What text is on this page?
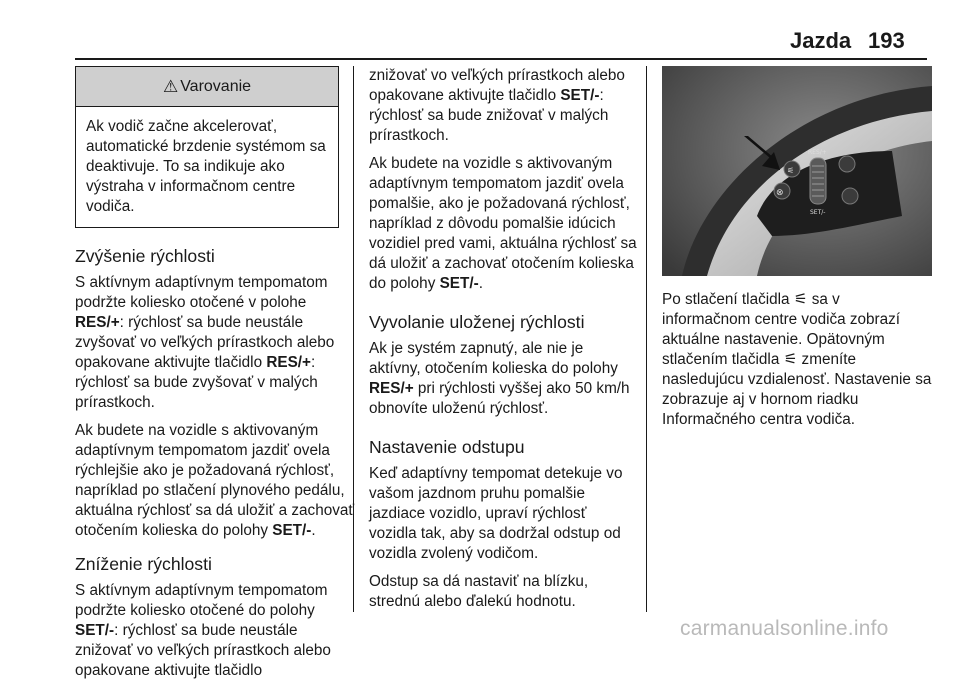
Jazda 193
⚠ Varovanie
Ak vodič začne akcelerovať, automatické brzdenie systémom sa deaktivuje. To sa indikuje ako výstraha v informačnom centre vodiča.
Zvýšenie rýchlosti

S aktívnym adaptívnym tempomatom podržte koliesko otočené v polohe RES/+: rýchlosť sa bude neustále zvyšovať vo veľkých prírastkoch alebo opakovane aktivujte tlačidlo RES/+: rýchlosť sa bude zvyšovať v malých prírastkoch.

Ak budete na vozidle s aktivovaným adaptívnym tempomatom jazdiť ovela rýchlejšie ako je požadovaná rýchlosť, napríklad po stlačení plynového pedálu, aktuálna rýchlosť sa dá uložiť a zachovať otočením kolieska do polohy SET/-.

Zníženie rýchlosti

S aktívnym adaptívnym tempomatom podržte koliesko otočené do polohy SET/-: rýchlosť sa bude neustále znižovať vo veľkých prírastkoch alebo opakovane aktivujte tlačidlo

znižovať vo veľkých prírastkoch alebo opakovane aktivujte tlačidlo SET/-: rýchlosť sa bude znižovať v malých prírastkoch.

Ak budete na vozidle s aktivovaným adaptívnym tempomatom jazdiť ovela pomalšie, ako je požadovaná rýchlosť, napríklad z dôvodu pomalšie idúcich vozidiel pred vami, aktuálna rýchlosť sa dá uložiť a zachovať otočením kolieska do polohy SET/-.

Vyvolanie uloženej rýchlosti

Ak je systém zapnutý, ale nie je aktívny, otočením kolieska do polohy RES/+ pri rýchlosti vyššej ako 50 km/h obnovíte uloženú rýchlosť.

Nastavenie odstupu

Keď adaptívny tempomat detekuje vo vašom jazdnom pruhu pomalšie jazdiace vozidlo, upraví rýchlosť vozidla tak, aby sa dodržal odstup od vozidla zvolený vodičom.

Odstup sa dá nastaviť na blízku, strednú alebo ďalekú hodnotu.

⊗
⚟
RES/+
SET/-

Po stlačení tlačidla ⚟ sa v informačnom centre vodiča zobrazí aktuálne nastavenie. Opätovným stlačením tlačidla ⚟ zmeníte nasledujúcu vzdialenosť. Nastavenie sa zobrazuje aj v hornom riadku Informačného centra vodiča.

carmanualsonline.info
